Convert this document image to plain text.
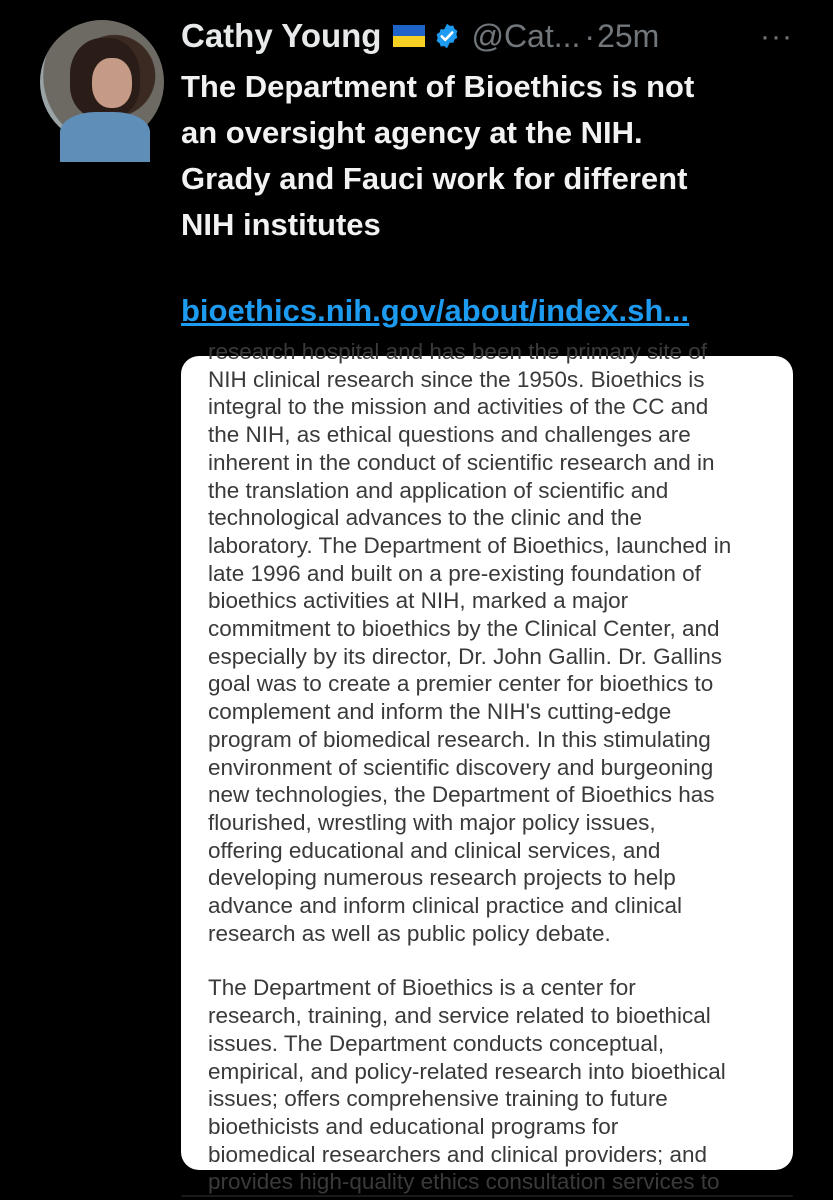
Cathy Young	@Cat... · 25m	···
The Department of Bioethics is not
an oversight agency at the NIH.
Grady and Fauci work for different
NIH institutes
bioethics.nih.gov/about/index.sh...
research hospital and has been the primary site of
NIH clinical research since the 1950s. Bioethics is
integral to the mission and activities of the CC and
the NIH, as ethical questions and challenges are
inherent in the conduct of scientific research and in
the translation and application of scientific and
technological advances to the clinic and the
laboratory. The Department of Bioethics, launched in
late 1996 and built on a pre-existing foundation of
bioethics activities at NIH, marked a major
commitment to bioethics by the Clinical Center, and
especially by its director, Dr. John Gallin. Dr. Gallins
goal was to create a premier center for bioethics to
complement and inform the NIH's cutting-edge
program of biomedical research. In this stimulating
environment of scientific discovery and burgeoning
new technologies, the Department of Bioethics has
flourished, wrestling with major policy issues,
offering educational and clinical services, and
developing numerous research projects to help
advance and inform clinical practice and clinical
research as well as public policy debate.
The Department of Bioethics is a center for
research, training, and service related to bioethical
issues. The Department conducts conceptual,
empirical, and policy-related research into bioethical
issues; offers comprehensive training to future
bioethicists and educational programs for
biomedical researchers and clinical providers; and
provides high-quality ethics consultation services to
